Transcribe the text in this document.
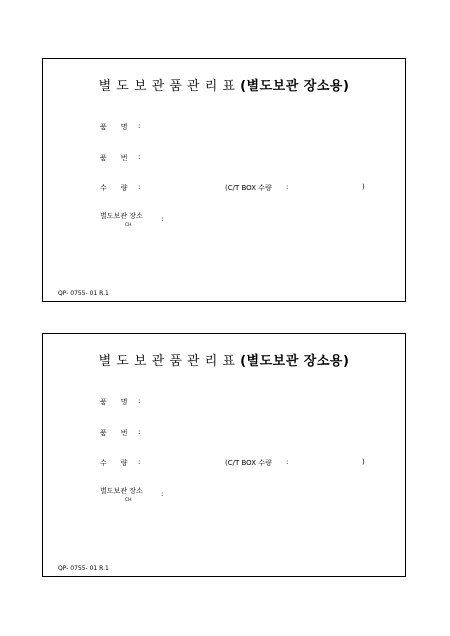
별 도 보 관 품 관 리 표 (별도보관 장소용)
품 명 :
품 번 :
수 량 :	(C/T BOX 수량 :	)
별도보관 장소
CH
:
QP- 0755- 01 R.1
별 도 보 관 품 관 리 표 (별도보관 장소용)
품 명 :
품 번 :
수 량 :	(C/T BOX 수량 :	)
별도보관 장소
CH
:
QP- 0755- 01 R.1
